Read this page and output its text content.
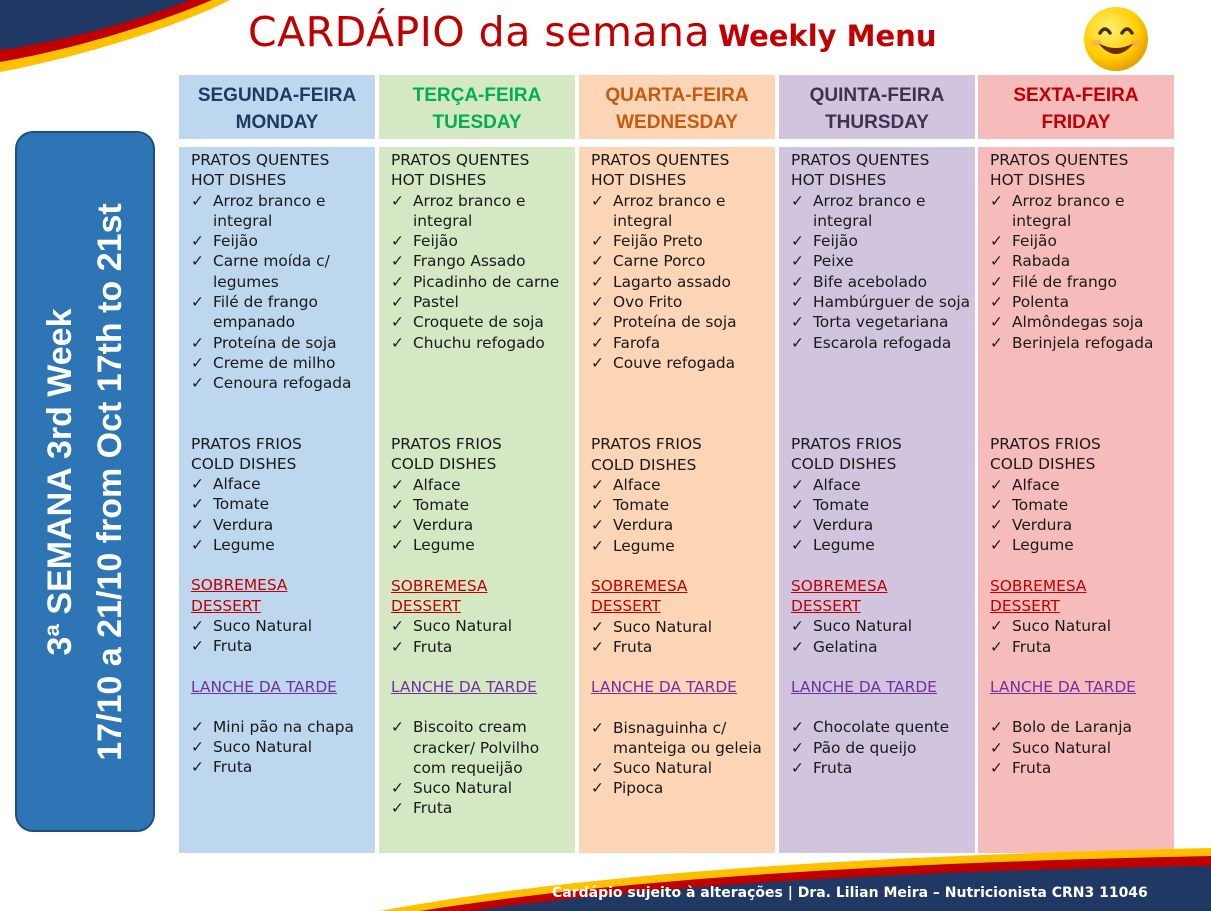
CARDÁPIO da semana Weekly Menu
3ª SEMANA 3rd Week 17/10 a 21/10 from Oct 17th to 21st
SEGUNDA-FEIRA
MONDAY
PRATOS QUENTES
HOT DISHES
✓ Arroz branco e integral
✓ Feijão
✓ Carne moída c/ legumes
✓ Filé de frango empanado
✓ Proteína de soja
✓ Creme de milho
✓ Cenoura refogada
PRATOS FRIOS
COLD DISHES
✓ Alface
✓ Tomate
✓ Verdura
✓ Legume
SOBREMESA
DESSERT
✓ Suco Natural
✓ Fruta
LANCHE DA TARDE
✓ Mini pão na chapa
✓ Suco Natural
✓ Fruta
TERÇA-FEIRA
TUESDAY
PRATOS QUENTES
HOT DISHES
✓ Arroz branco e integral
✓ Feijão
✓ Frango Assado
✓ Picadinho de carne
✓ Pastel
✓ Croquete de soja
✓ Chuchu refogado
PRATOS FRIOS
COLD DISHES
✓ Alface
✓ Tomate
✓ Verdura
✓ Legume
SOBREMESA
DESSERT
✓ Suco Natural
✓ Fruta
LANCHE DA TARDE
✓ Biscoito cream cracker/ Polvilho com requeijão
✓ Suco Natural
✓ Fruta
QUARTA-FEIRA
WEDNESDAY
PRATOS QUENTES
HOT DISHES
✓ Arroz branco e integral
✓ Feijão Preto
✓ Carne Porco
✓ Lagarto assado
✓ Ovo Frito
✓ Proteína de soja
✓ Farofa
✓ Couve refogada
PRATOS FRIOS
COLD DISHES
✓ Alface
✓ Tomate
✓ Verdura
✓ Legume
SOBREMESA
DESSERT
✓ Suco Natural
✓ Fruta
LANCHE DA TARDE
✓ Bisnaguinha c/ manteiga ou geleia
✓ Suco Natural
✓ Pipoca
QUINTA-FEIRA
THURSDAY
PRATOS QUENTES
HOT DISHES
✓ Arroz branco e integral
✓ Feijão
✓ Peixe
✓ Bife acebolado
✓ Hambúrguer de soja
✓ Torta vegetariana
✓ Escarola refogada
PRATOS FRIOS
COLD DISHES
✓ Alface
✓ Tomate
✓ Verdura
✓ Legume
SOBREMESA
DESSERT
✓ Suco Natural
✓ Gelatina
LANCHE DA TARDE
✓ Chocolate quente
✓ Pão de queijo
✓ Fruta
SEXTA-FEIRA
FRIDAY
PRATOS QUENTES
HOT DISHES
✓ Arroz branco e integral
✓ Feijão
✓ Rabada
✓ Filé de frango
✓ Polenta
✓ Almôndegas soja
✓ Berinjela refogada
PRATOS FRIOS
COLD DISHES
✓ Alface
✓ Tomate
✓ Verdura
✓ Legume
SOBREMESA
DESSERT
✓ Suco Natural
✓ Fruta
LANCHE DA TARDE
✓ Bolo de Laranja
✓ Suco Natural
✓ Fruta
Cardápio sujeito à alterações | Dra. Lilian Meira – Nutricionista CRN3 11046
